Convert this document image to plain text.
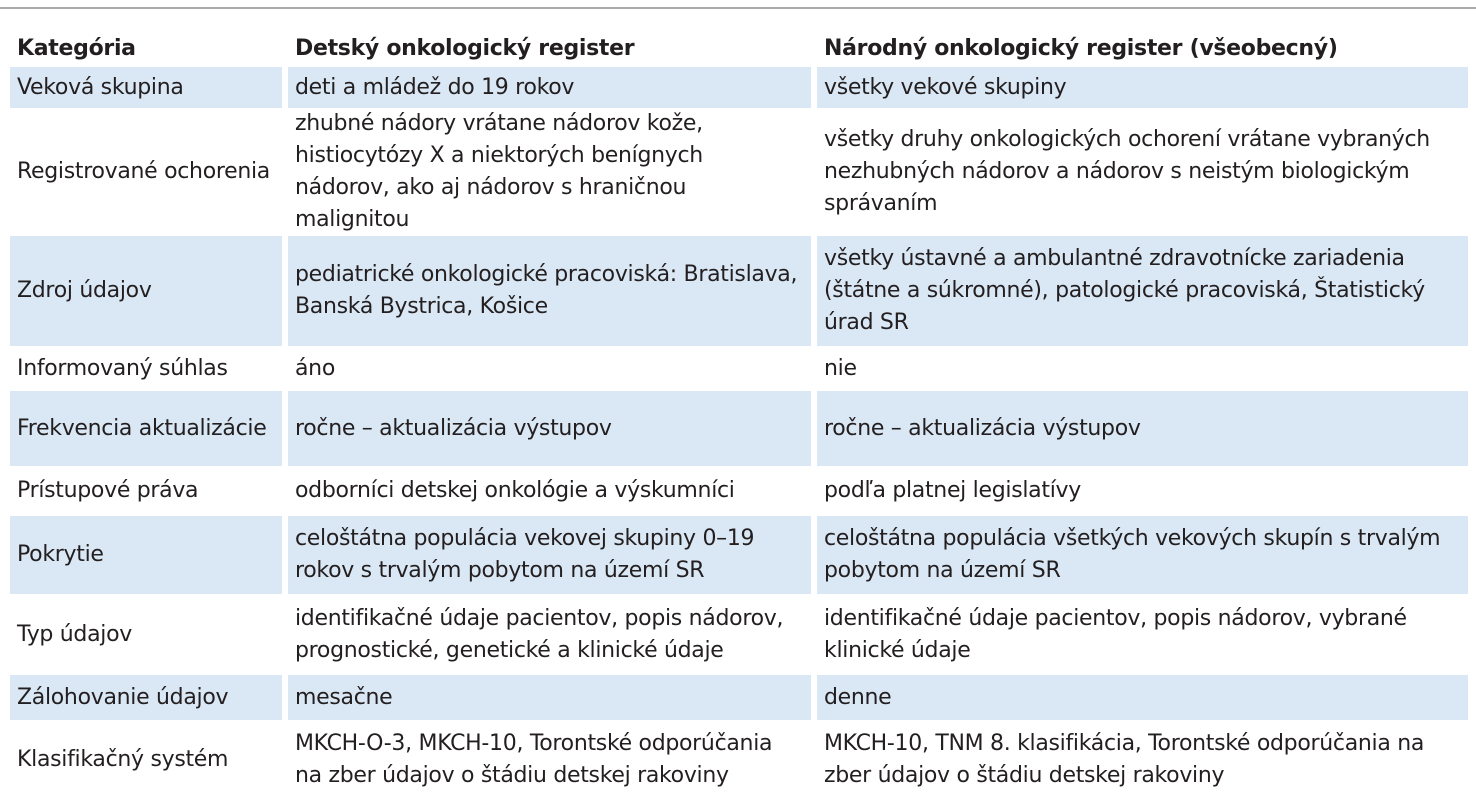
Kategória	Detský onkologický register	Národný onkologický register (všeobecný)
Veková skupina	deti a mládež do 19 rokov	všetky vekové skupiny
Registrované ochorenia	zhubné nádory vrátane nádorov kože, histiocytózy X a niektorých benígnych nádorov, ako aj nádorov s hraničnou malignitou	všetky druhy onkologických ochorení vrátane vybraných nezhubných nádorov a nádorov s neistým biologickým správaním
Zdroj údajov	pediatrické onkologické pracoviská: Bratislava, Banská Bystrica, Košice	všetky ústavné a ambulantné zdravotnícke zariadenia (štátne a súkromné), patologické pracoviská, Štatistický úrad SR
Informovaný súhlas	áno	nie
Frekvencia aktualizácie	ročne – aktualizácia výstupov	ročne – aktualizácia výstupov
Prístupové práva	odborníci detskej onkológie a výskumníci	podľa platnej legislatívy
Pokrytie	celoštátna populácia vekovej skupiny 0–19 rokov s trvalým pobytom na území SR	celoštátna populácia všetkých vekových skupín s trvalým pobytom na území SR
Typ údajov	identifikačné údaje pacientov, popis nádorov, prognostické, genetické a klinické údaje	identifikačné údaje pacientov, popis nádorov, vybrané klinické údaje
Zálohovanie údajov	mesačne	denne
Klasifikačný systém	MKCH-O-3, MKCH-10, Torontské odporúčania na zber údajov o štádiu detskej rakoviny	MKCH-10, TNM 8. klasifikácia, Torontské odporúčania na zber údajov o štádiu detskej rakoviny
